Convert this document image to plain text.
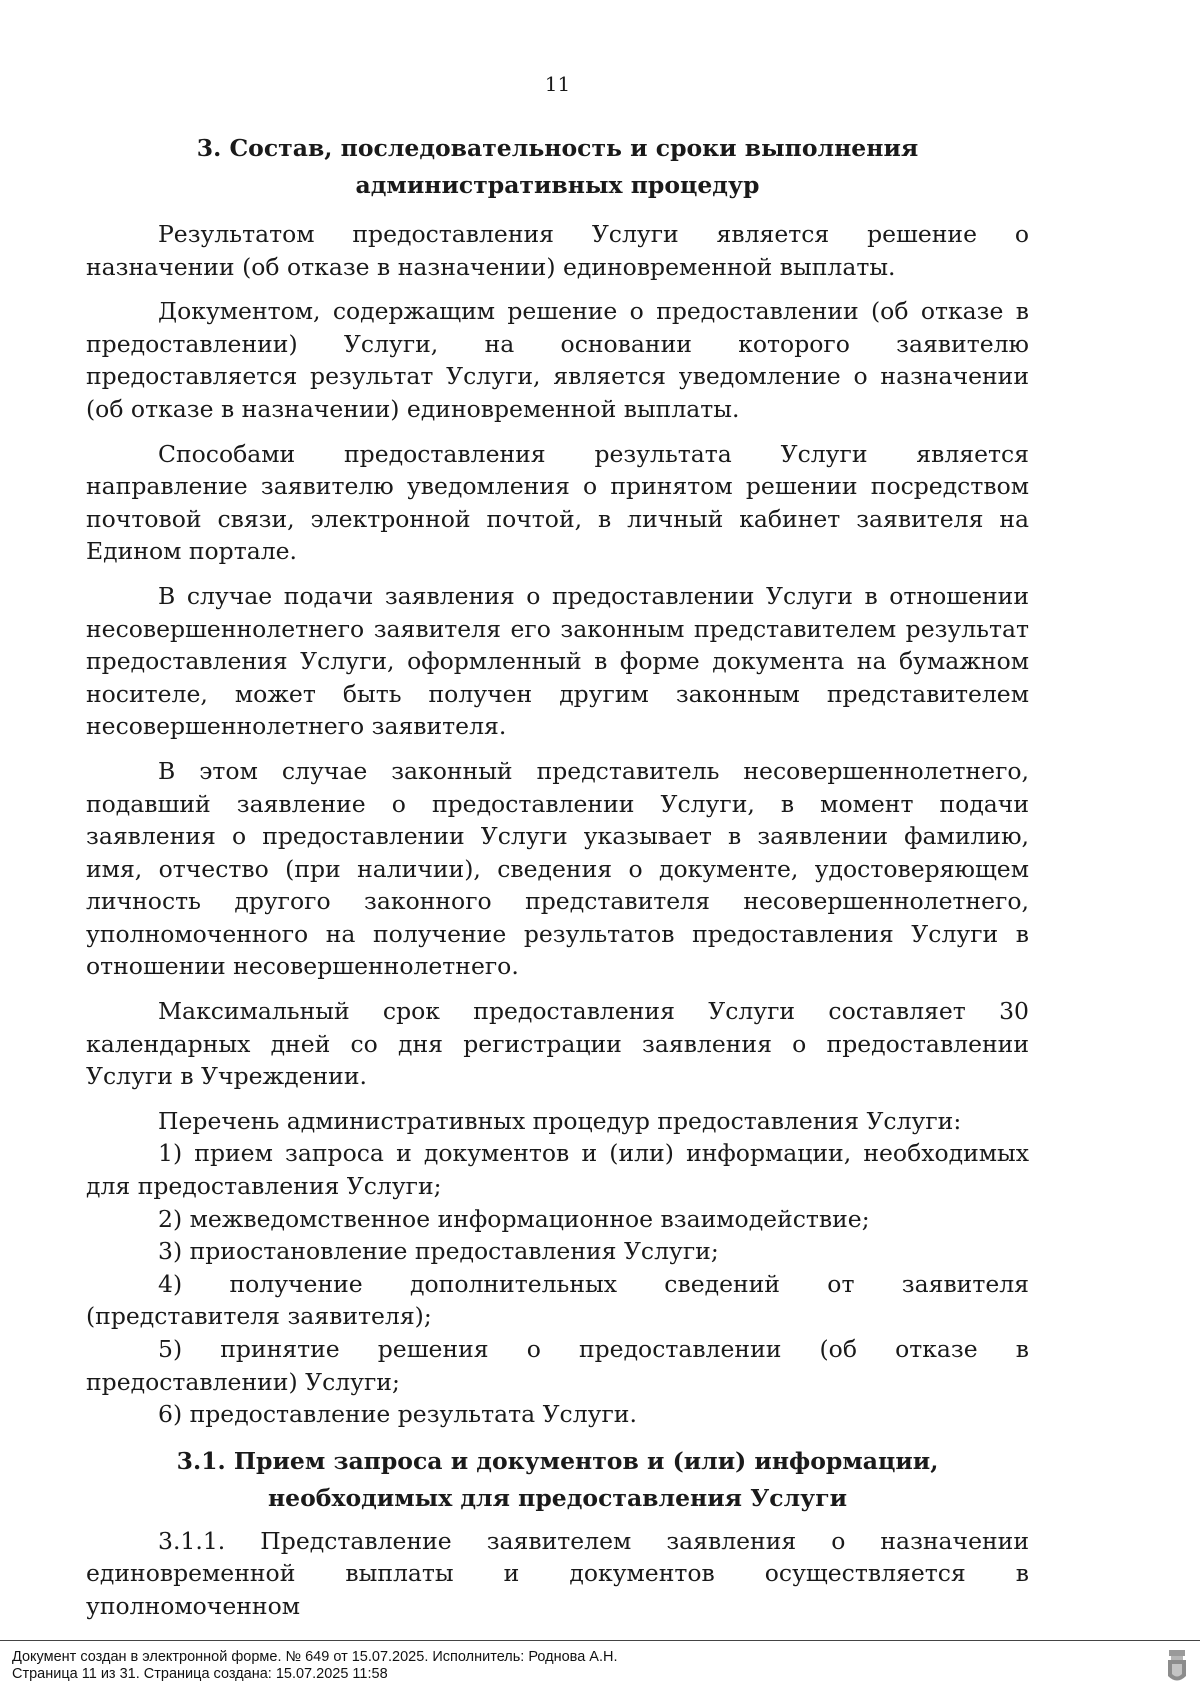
11
3. Состав, последовательность и сроки выполнения административных процедур

Результатом предоставления Услуги является решение о назначении (об отказе в назначении) единовременной выплаты.

Документом, содержащим решение о предоставлении (об отказе в предоставлении) Услуги, на основании которого заявителю предоставляется результат Услуги, является уведомление о назначении (об отказе в назначении) единовременной выплаты.

Способами предоставления результата Услуги является направление заявителю уведомления о принятом решении посредством почтовой связи, электронной почтой, в личный кабинет заявителя на Едином портале.

В случае подачи заявления о предоставлении Услуги в отношении несовершеннолетнего заявителя его законным представителем результат предоставления Услуги, оформленный в форме документа на бумажном носителе, может быть получен другим законным представителем несовершеннолетнего заявителя.

В этом случае законный представитель несовершеннолетнего, подавший заявление о предоставлении Услуги, в момент подачи заявления о предоставлении Услуги указывает в заявлении фамилию, имя, отчество (при наличии), сведения о документе, удостоверяющем личность другого законного представителя несовершеннолетнего, уполномоченного на получение результатов предоставления Услуги в отношении несовершеннолетнего.

Максимальный срок предоставления Услуги составляет 30 календарных дней со дня регистрации заявления о предоставлении Услуги в Учреждении.

Перечень административных процедур предоставления Услуги:

1) прием запроса и документов и (или) информации, необходимых для предоставления Услуги;

2) межведомственное информационное взаимодействие;

3) приостановление предоставления Услуги;

4) получение дополнительных сведений от заявителя (представителя заявителя);

5) принятие решения о предоставлении (об отказе в предоставлении) Услуги;

6) предоставление результата Услуги.

3.1. Прием запроса и документов и (или) информации, необходимых для предоставления Услуги

3.1.1. Представление заявителем заявления о назначении единовременной выплаты и документов осуществляется в уполномоченном

Документ создан в электронной форме. № 649 от 15.07.2025. Исполнитель: Роднова А.Н.
Страница 11 из 31. Страница создана: 15.07.2025 11:58
